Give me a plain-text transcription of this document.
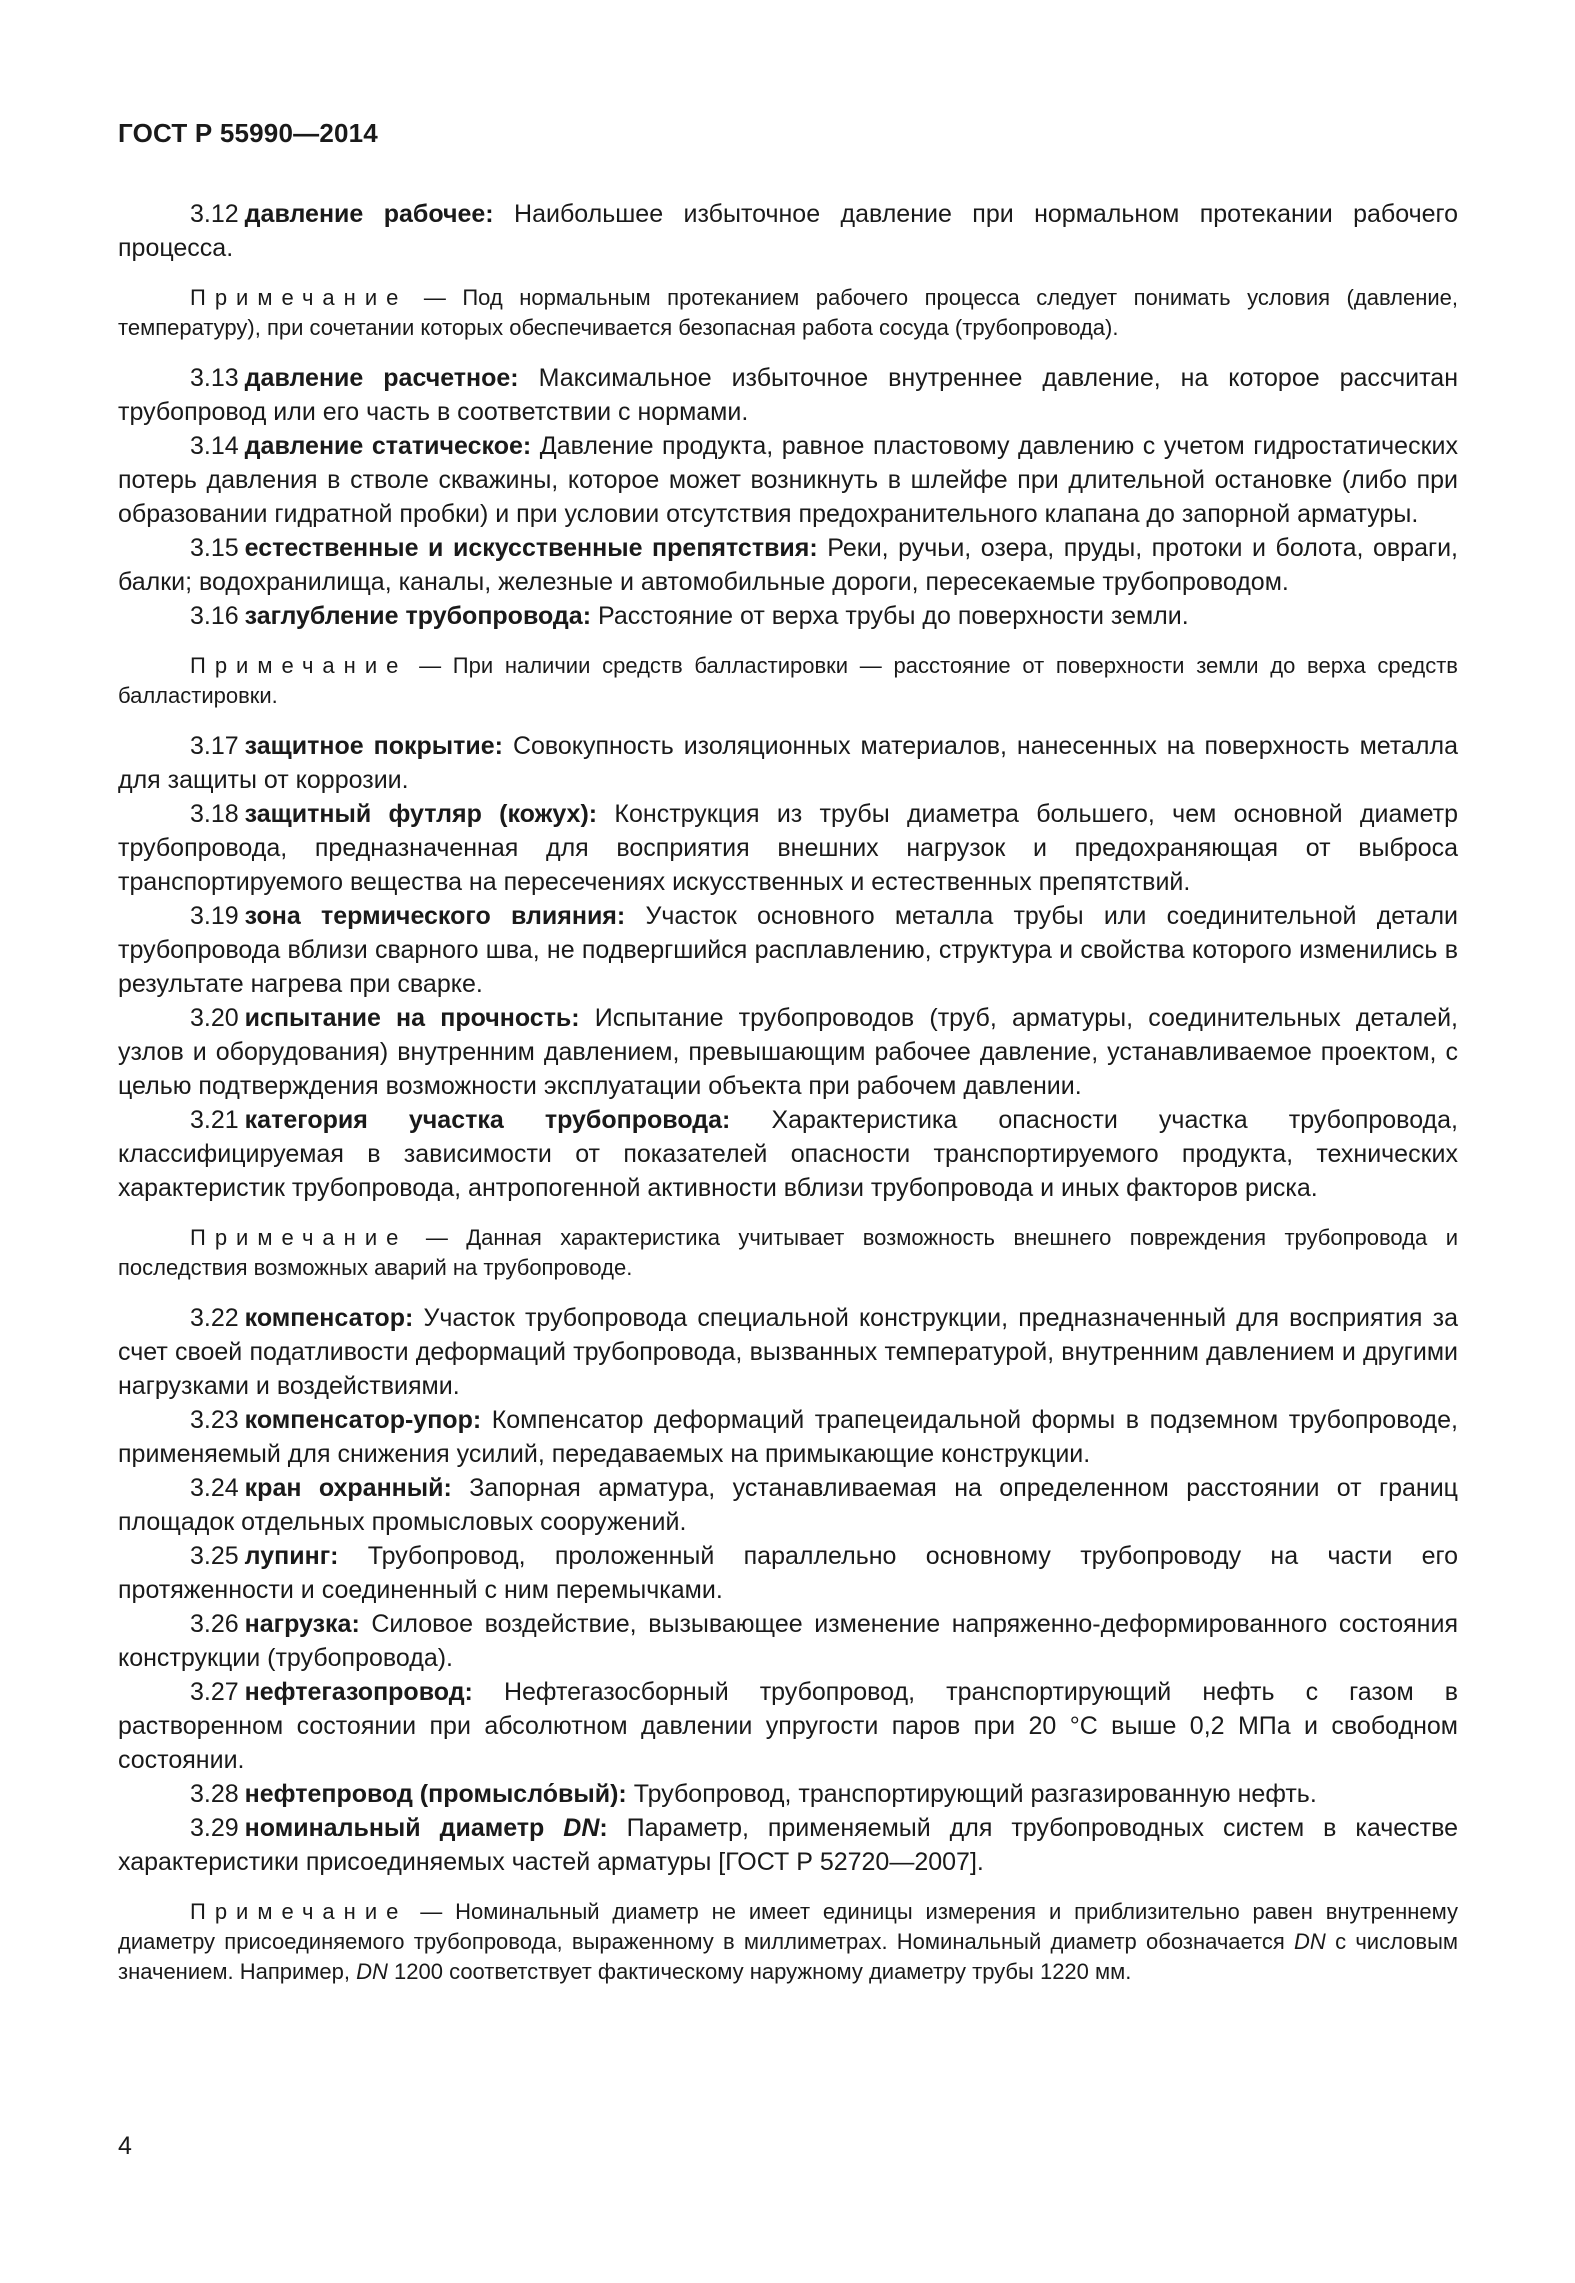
ГОСТ Р 55990—2014

3.12 давление рабочее: Наибольшее избыточное давление при нормальном протекании рабочего процесса.

Примечание — Под нормальным протеканием рабочего процесса следует понимать условия (давление, температуру), при сочетании которых обеспечивается безопасная работа сосуда (трубопровода).

3.13 давление расчетное: Максимальное избыточное внутреннее давление, на которое рассчитан трубопровод или его часть в соответствии с нормами.

3.14 давление статическое: Давление продукта, равное пластовому давлению с учетом гидростатических потерь давления в стволе скважины, которое может возникнуть в шлейфе при длительной остановке (либо при образовании гидратной пробки) и при условии отсутствия предохранительного клапана до запорной арматуры.

3.15 естественные и искусственные препятствия: Реки, ручьи, озера, пруды, протоки и болота, овраги, балки; водохранилища, каналы, железные и автомобильные дороги, пересекаемые трубопроводом.

3.16 заглубление трубопровода: Расстояние от верха трубы до поверхности земли.

Примечание — При наличии средств балластировки — расстояние от поверхности земли до верха средств балластировки.

3.17 защитное покрытие: Совокупность изоляционных материалов, нанесенных на поверхность металла для защиты от коррозии.

3.18 защитный футляр (кожух): Конструкция из трубы диаметра большего, чем основной диаметр трубопровода, предназначенная для восприятия внешних нагрузок и предохраняющая от выброса транспортируемого вещества на пересечениях искусственных и естественных препятствий.

3.19 зона термического влияния: Участок основного металла трубы или соединительной детали трубопровода вблизи сварного шва, не подвергшийся расплавлению, структура и свойства которого изменились в результате нагрева при сварке.

3.20 испытание на прочность: Испытание трубопроводов (труб, арматуры, соединительных деталей, узлов и оборудования) внутренним давлением, превышающим рабочее давление, устанавливаемое проектом, с целью подтверждения возможности эксплуатации объекта при рабочем давлении.

3.21 категория участка трубопровода: Характеристика опасности участка трубопровода, классифицируемая в зависимости от показателей опасности транспортируемого продукта, технических характеристик трубопровода, антропогенной активности вблизи трубопровода и иных факторов риска.

Примечание — Данная характеристика учитывает возможность внешнего повреждения трубопровода и последствия возможных аварий на трубопроводе.

3.22 компенсатор: Участок трубопровода специальной конструкции, предназначенный для восприятия за счет своей податливости деформаций трубопровода, вызванных температурой, внутренним давлением и другими нагрузками и воздействиями.

3.23 компенсатор-упор: Компенсатор деформаций трапецеидальной формы в подземном трубопроводе, применяемый для снижения усилий, передаваемых на примыкающие конструкции.

3.24 кран охранный: Запорная арматура, устанавливаемая на определенном расстоянии от границ площадок отдельных промысловых сооружений.

3.25 лупинг: Трубопровод, проложенный параллельно основному трубопроводу на части его протяженности и соединенный с ним перемычками.

3.26 нагрузка: Силовое воздействие, вызывающее изменение напряженно-деформированного состояния конструкции (трубопровода).

3.27 нефтегазопровод: Нефтегазосборный трубопровод, транспортирующий нефть с газом в растворенном состоянии при абсолютном давлении упругости паров при 20 °С выше 0,2 МПа и свободном состоянии.

3.28 нефтепровод (промысло́вый): Трубопровод, транспортирующий разгазированную нефть.

3.29 номинальный диаметр DN: Параметр, применяемый для трубопроводных систем в качестве характеристики присоединяемых частей арматуры [ГОСТ Р 52720—2007].

Примечание — Номинальный диаметр не имеет единицы измерения и приблизительно равен внутреннему диаметру присоединяемого трубопровода, выраженному в миллиметрах. Номинальный диаметр обозначается DN с числовым значением. Например, DN 1200 соответствует фактическому наружному диаметру трубы 1220 мм.

4
